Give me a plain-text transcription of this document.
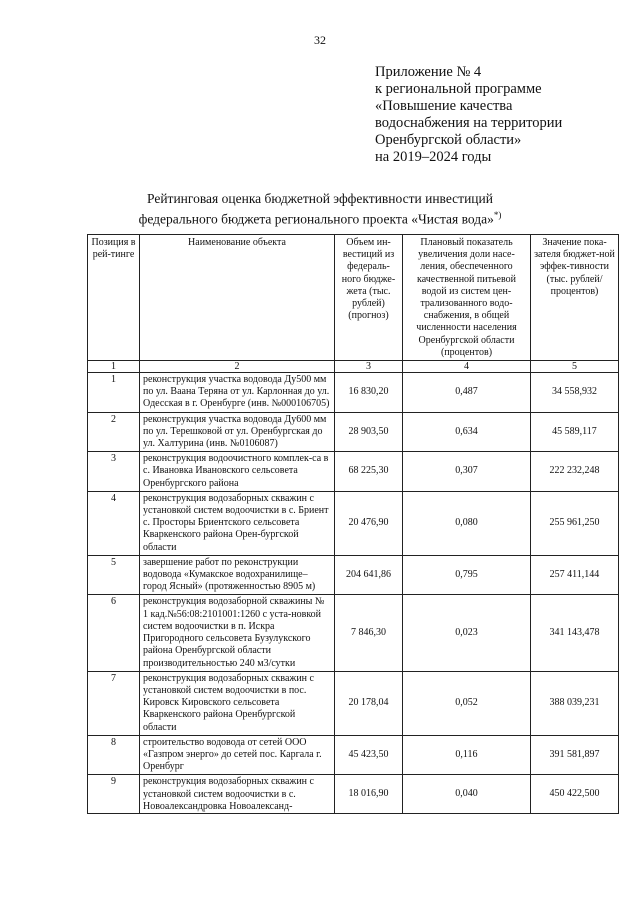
32
Приложение № 4
к региональной программе
«Повышение качества
водоснабжения на территории
Оренбургской области»
на 2019–2024 годы
Рейтинговая оценка бюджетной эффективности инвестиций
федерального бюджета регионального проекта «Чистая вода»*)
Позиция в рей-тинге	Наименование объекта	Объем ин-вестиций из федераль-ного бюдже-жета (тыс. рублей) (прогноз)	Плановый показатель увеличения доли насе-ления, обеспеченного качественной питьевой водой из систем цен-трализованного водо-снабжения, в общей численности населения Оренбургской области (процентов)	Значение пока-зателя бюджет-ной эффек-тивности (тыс. рублей/ процентов)
1	2	3	4	5
1	реконструкция участка водовода Ду500 мм по ул. Ваана Теряна от ул. Карлонная до ул. Одесская в г. Оренбурге (инв. №000106705)	16 830,20	0,487	34 558,932
2	реконструкция участка водовода Ду600 мм по ул. Терешковой от ул. Оренбургская до ул. Халтурина (инв. №0106087)	28 903,50	0,634	45 589,117
3	реконструкция водоочистного комплек-са в с. Ивановка Ивановского сельсовета Оренбургского района	68 225,30	0,307	222 232,248
4	реконструкция водозаборных скважин с установкой систем водоочистки в с. Бриент с. Просторы Бриентского сельсовета Кваркенского района Орен-бургской области	20 476,90	0,080	255 961,250
5	завершение работ по реконструкции водовода «Кумакское водохранилище–город Ясный» (протяженностью 8905 м)	204 641,86	0,795	257 411,144
6	реконструкция водозаборной скважины № 1 кад.№56:08:2101001:1260 с уста-новкой систем водоочистки в п. Искра Пригородного сельсовета Бузулукского района Оренбургской области производительностью 240 м3/сутки	7 846,30	0,023	341 143,478
7	реконструкция водозаборных скважин с установкой систем водоочистки в пос. Кировск Кировского сельсовета Кваркенского района Оренбургской области	20 178,04	0,052	388 039,231
8	строительство водовода от сетей ООО «Газпром энерго» до сетей пос. Каргала г. Оренбург	45 423,50	0,116	391 581,897
9	реконструкция водозаборных скважин с установкой систем водоочистки в с. Новоалександровка Новоалександ-	18 016,90	0,040	450 422,500
